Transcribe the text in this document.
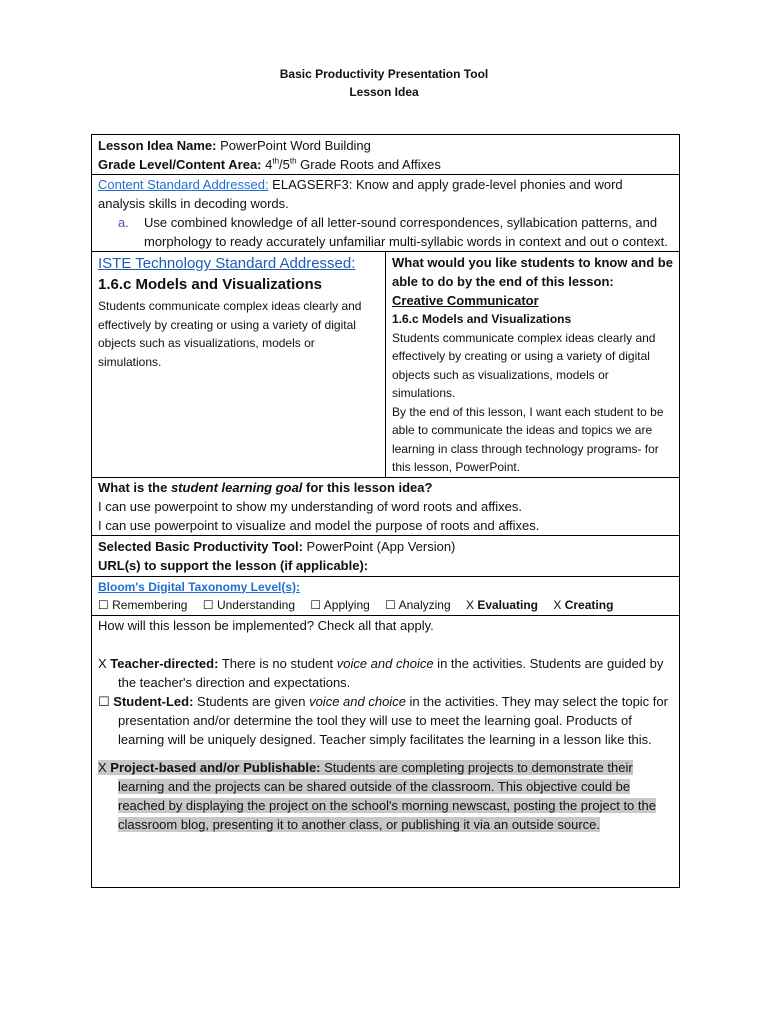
Basic Productivity Presentation Tool
Lesson Idea
Lesson Idea Name: PowerPoint Word Building
Grade Level/Content Area: 4th/5th Grade Roots and Affixes

Content Standard Addressed: ELAGSERF3: Know and apply grade-level phonies and word analysis skills in decoding words.
a.	Use combined knowledge of all letter-sound correspondences, syllabication patterns, and morphology to ready accurately unfamiliar multi-syllabic words in context and out o context.

ISTE Technology Standard Addressed:
1.6.c Models and Visualizations
Students communicate complex ideas clearly and effectively by creating or using a variety of digital objects such as visualizations, models or simulations.

What would you like students to know and be able to do by the end of this lesson:
Creative Communicator
1.6.c Models and Visualizations
Students communicate complex ideas clearly and effectively by creating or using a variety of digital objects such as visualizations, models or simulations.
By the end of this lesson, I want each student to be able to communicate the ideas and topics we are learning in class through technology programs- for this lesson, PowerPoint.

What is the student learning goal for this lesson idea?
I can use powerpoint to show my understanding of word roots and affixes.
I can use powerpoint to visualize and model the purpose of roots and affixes.

Selected Basic Productivity Tool: PowerPoint (App Version)
URL(s) to support the lesson (if applicable):

Bloom's Digital Taxonomy Level(s):
☐ Remembering ☐ Understanding ☐ Applying ☐ Analyzing X Evaluating X Creating

How will this lesson be implemented? Check all that apply.
X Teacher-directed: There is no student voice and choice in the activities. Students are guided by the teacher's direction and expectations.
☐ Student-Led: Students are given voice and choice in the activities. They may select the topic for presentation and/or determine the tool they will use to meet the learning goal. Products of learning will be uniquely designed. Teacher simply facilitates the learning in a lesson like this.
X Project-based and/or Publishable: Students are completing projects to demonstrate their learning and the projects can be shared outside of the classroom. This objective could be reached by displaying the project on the school's morning newscast, posting the project to the classroom blog, presenting it to another class, or publishing it via an outside source.
